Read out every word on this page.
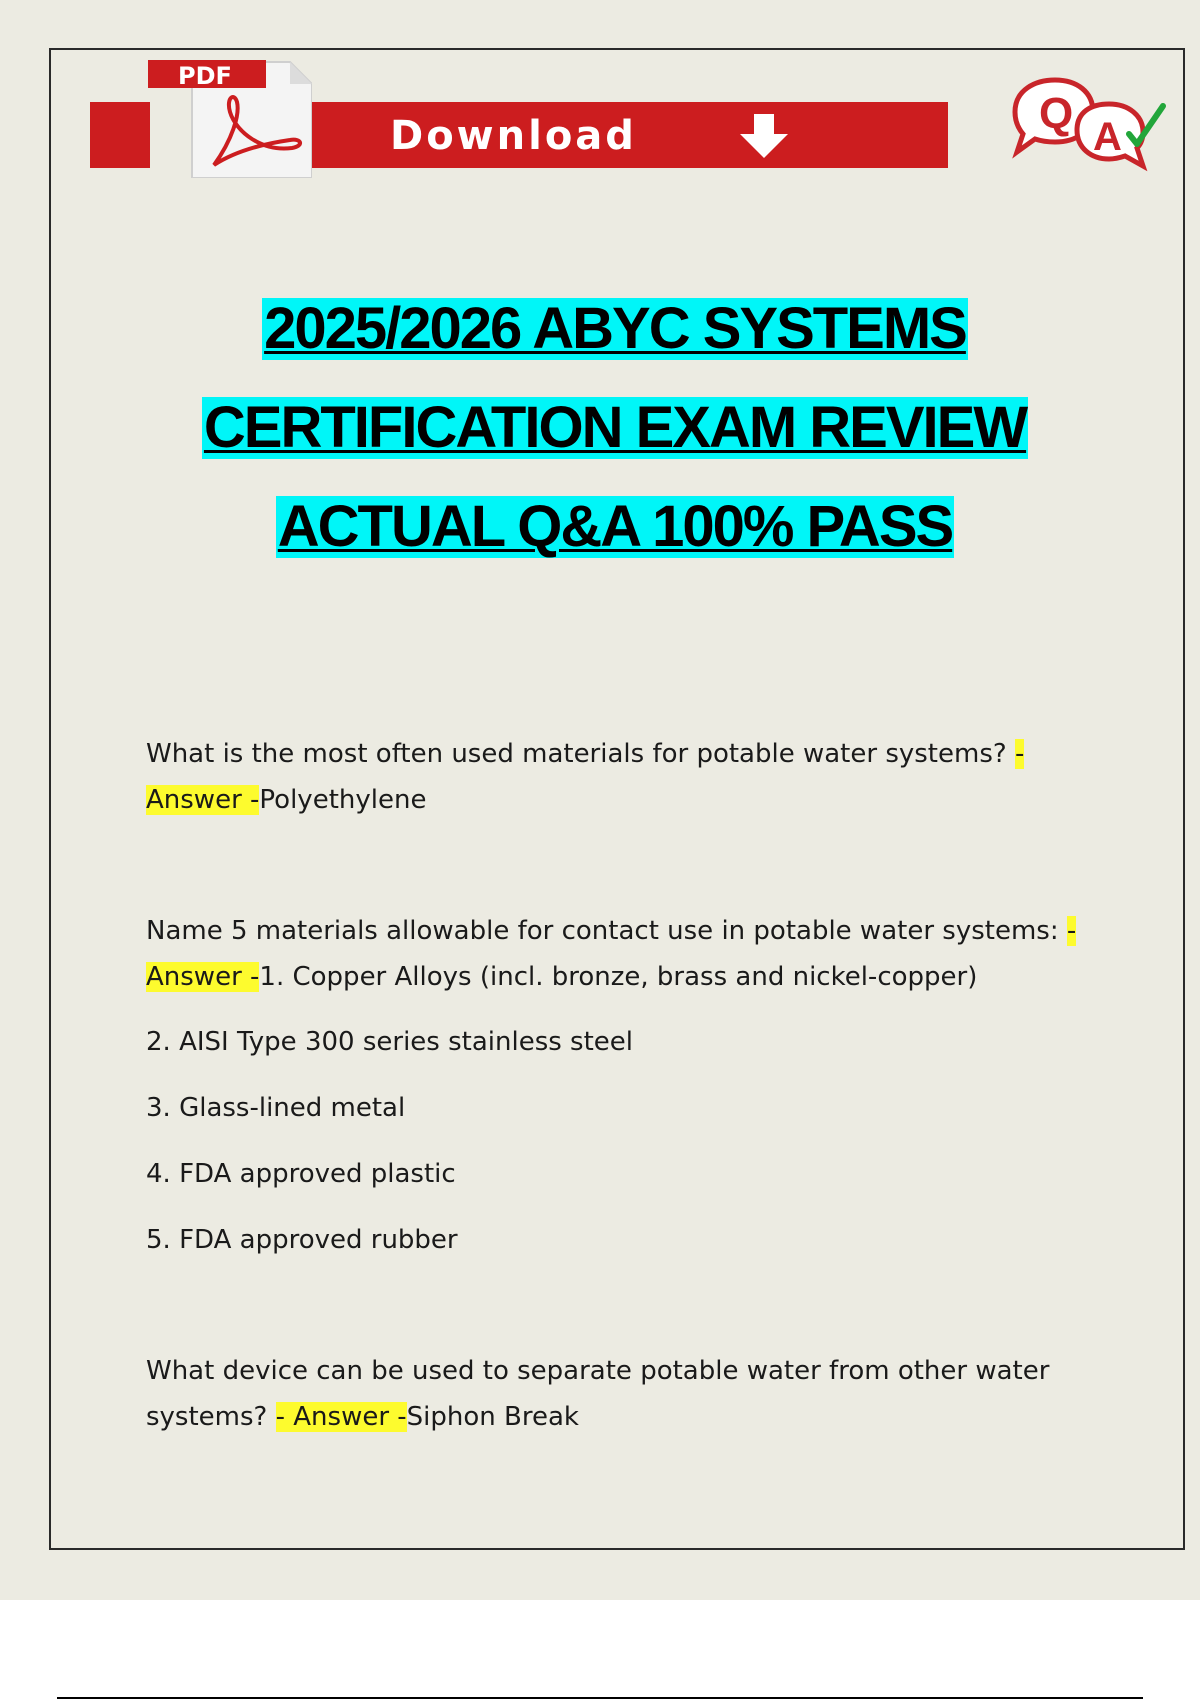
Download
PDF
Q A
2025/2026 ABYC SYSTEMS
CERTIFICATION EXAM REVIEW
ACTUAL Q&A 100% PASS
What is the most often used materials for potable water systems? - Answer -Polyethylene
Name 5 materials allowable for contact use in potable water systems: - Answer -1. Copper Alloys (incl. bronze, brass and nickel-copper)
2. AISI Type 300 series stainless steel
3. Glass-lined metal
4. FDA approved plastic
5. FDA approved rubber
What device can be used to separate potable water from other water systems? - Answer -Siphon Break
